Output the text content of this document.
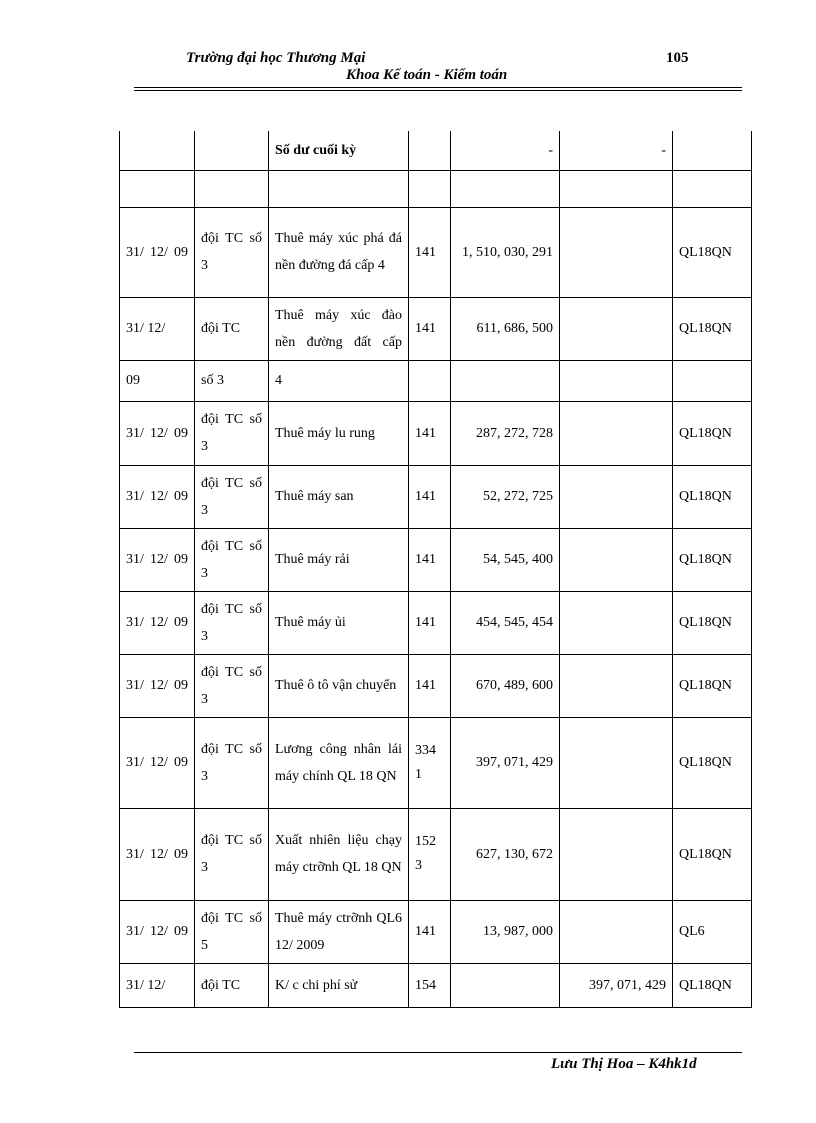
Trường đại học Thương Mại	105
Khoa Kế toán - Kiểm toán
		Số dư cuối kỳ		-	-	

31/ 12/ 09	đội TC số 3	Thuê máy xúc phá đá nền đường đá cấp 4	141	1, 510, 030, 291		QL18QN
31/ 12/	đội TC	Thuê máy xúc đào nền đường đất cấp	141	611, 686, 500		QL18QN
09	số 3	4				
31/ 12/ 09	đội TC số 3	Thuê máy lu rung	141	287, 272, 728		QL18QN
31/ 12/ 09	đội TC số 3	Thuê máy san	141	52, 272, 725		QL18QN
31/ 12/ 09	đội TC số 3	Thuê máy rải	141	54, 545, 400		QL18QN
31/ 12/ 09	đội TC số 3	Thuê máy ủi	141	454, 545, 454		QL18QN
31/ 12/ 09	đội TC số 3	Thuê ô tô vận chuyển	141	670, 489, 600		QL18QN
31/ 12/ 09	đội TC số 3	Lương công nhân lái máy chính QL 18 QN	334 1	397, 071, 429		QL18QN
31/ 12/ 09	đội TC số 3	Xuất nhiên liệu chạy máy ctrỡnh QL 18 QN	152 3	627, 130, 672		QL18QN
31/ 12/ 09	đội TC số 5	Thuê máy ctrỡnh QL6 12/ 2009	141	13, 987, 000		QL6
31/ 12/	đội TC	K/ c chi phí sử	154		397, 071, 429	QL18QN
Lưu Thị Hoa – K4hk1d
